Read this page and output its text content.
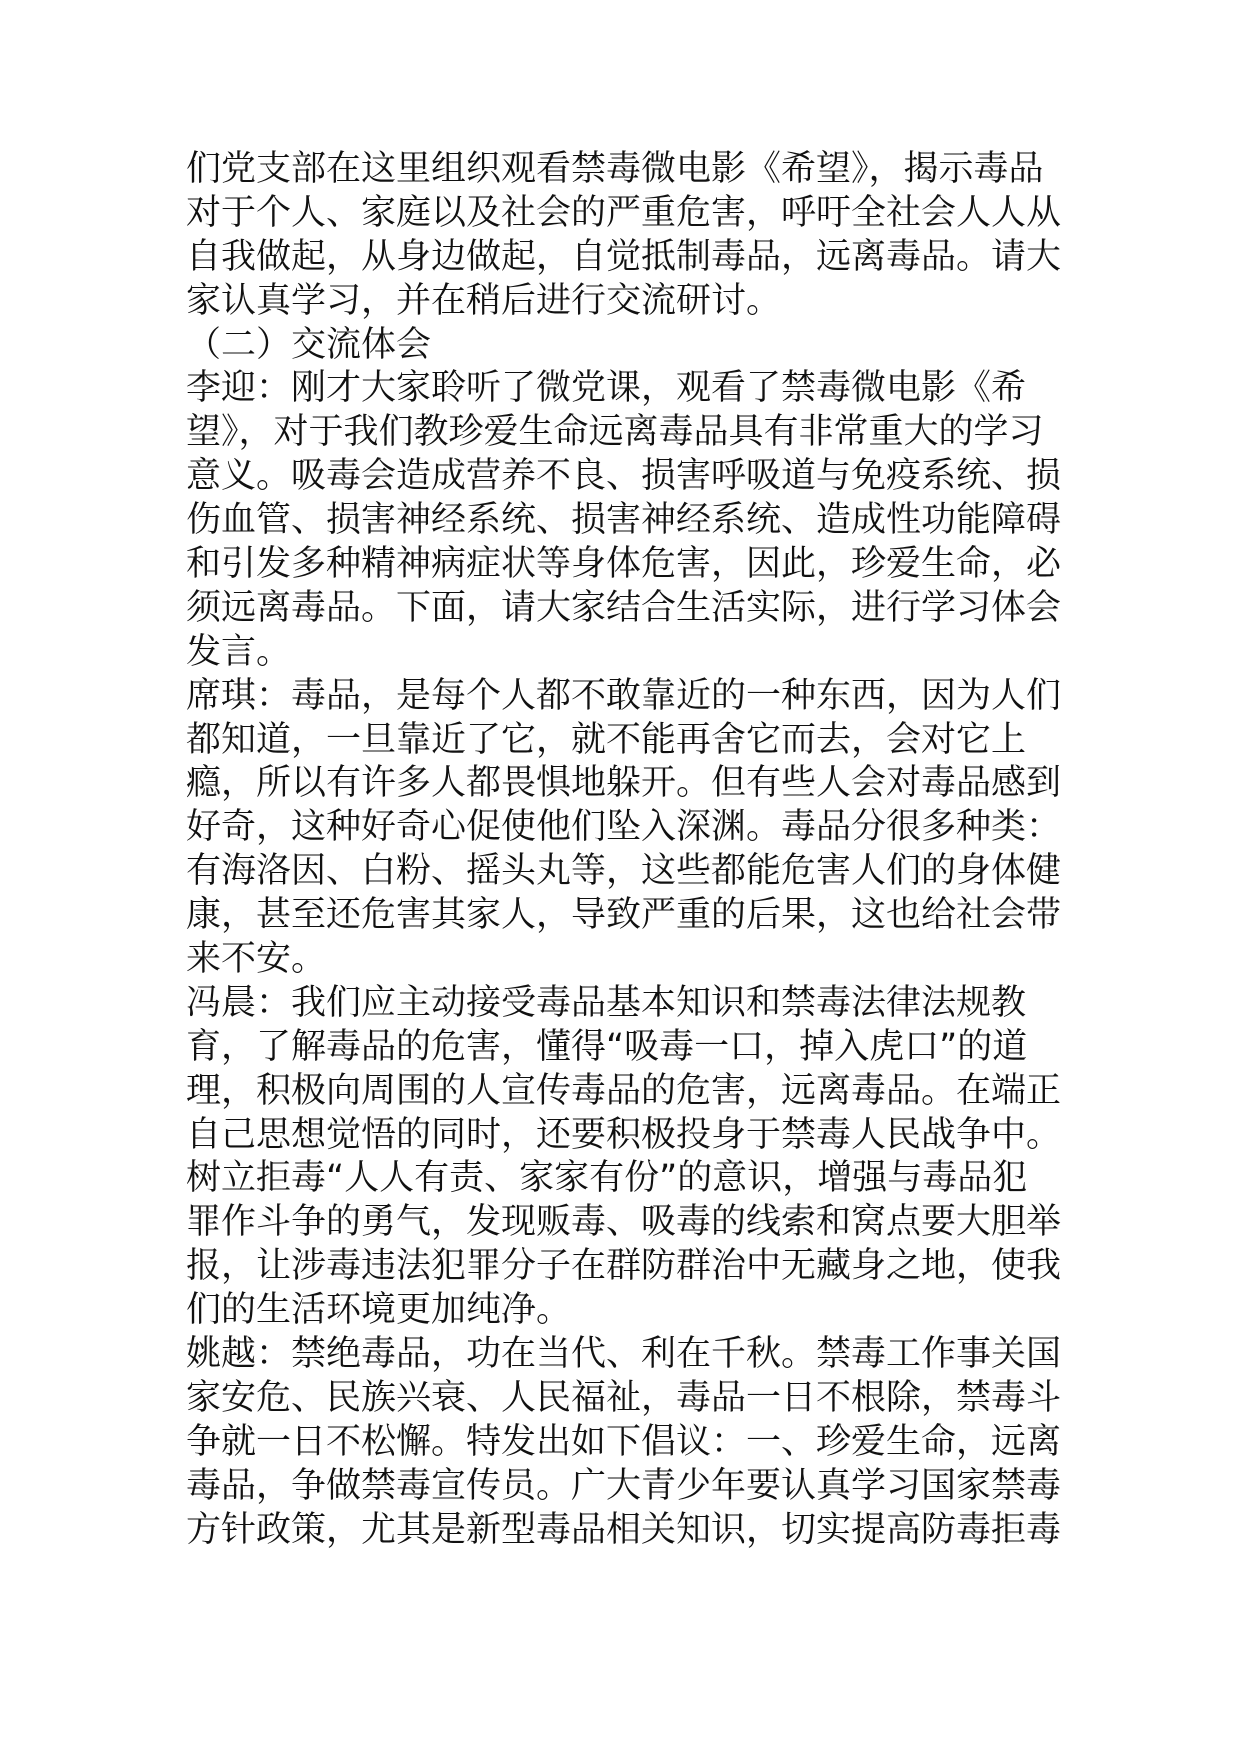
们党支部在这里组织观看禁毒微电影《希望》，揭示毒品
对于个人、家庭以及社会的严重危害，呼吁全社会人人从
自我做起，从身边做起，自觉抵制毒品，远离毒品。请大
家认真学习，并在稍后进行交流研讨。
（二）交流体会
李迎：刚才大家聆听了微党课，观看了禁毒微电影《希
望》，对于我们教珍爱生命远离毒品具有非常重大的学习
意义。吸毒会造成营养不良、损害呼吸道与免疫系统、损
伤血管、损害神经系统、损害神经系统、造成性功能障碍
和引发多种精神病症状等身体危害，因此，珍爱生命，必
须远离毒品。下面，请大家结合生活实际，进行学习体会
发言。
席琪：毒品，是每个人都不敢靠近的一种东西，因为人们
都知道，一旦靠近了它，就不能再舍它而去，会对它上
瘾，所以有许多人都畏惧地躲开。但有些人会对毒品感到
好奇，这种好奇心促使他们坠入深渊。毒品分很多种类：
有海洛因、白粉、摇头丸等，这些都能危害人们的身体健
康，甚至还危害其家人，导致严重的后果，这也给社会带
来不安。
冯晨：我们应主动接受毒品基本知识和禁毒法律法规教
育，了解毒品的危害，懂得“吸毒一口，掉入虎口”的道
理，积极向周围的人宣传毒品的危害，远离毒品。在端正
自己思想觉悟的同时，还要积极投身于禁毒人民战争中。
树立拒毒“人人有责、家家有份”的意识，增强与毒品犯
罪作斗争的勇气，发现贩毒、吸毒的线索和窝点要大胆举
报，让涉毒违法犯罪分子在群防群治中无藏身之地，使我
们的生活环境更加纯净。
姚越：禁绝毒品，功在当代、利在千秋。禁毒工作事关国
家安危、民族兴衰、人民福祉，毒品一日不根除，禁毒斗
争就一日不松懈。特发出如下倡议：一、珍爱生命，远离
毒品，争做禁毒宣传员。广大青少年要认真学习国家禁毒
方针政策，尤其是新型毒品相关知识，切实提高防毒拒毒
